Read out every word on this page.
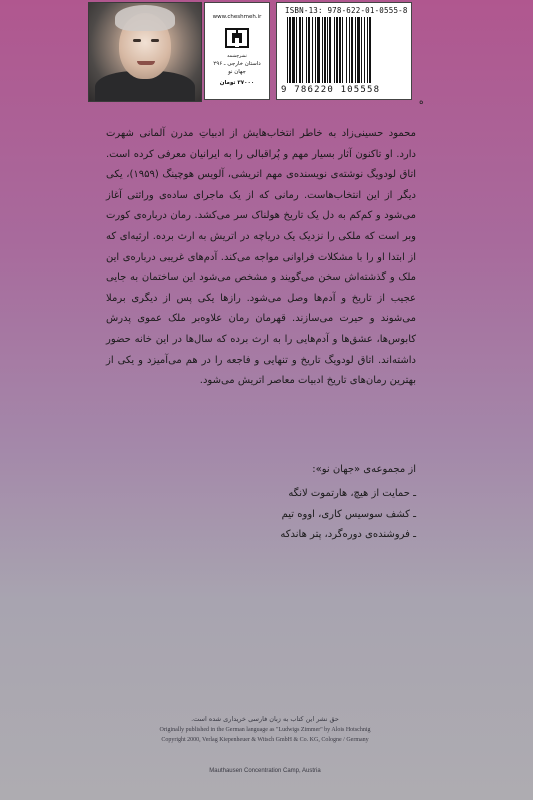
www.cheshmeh.ir
نشرچشمه
داستان خارجی ـ ۲۹۶
جهان نو
۳۷۰۰۰ تومان
ISBN-13: 978-622-01-0555-8
9 786220 105558
ه

محمود حسینی‌زاد به خاطر انتخاب‌هایش از ادبیاتِ مدرن آلمانی شهرت دارد. او تاکنون آثار بسیار مهم و پُراقبالی را به ایرانیان معرفی کرده است. اتاق لودویگ نوشته‌ی نویسنده‌ی مهم اتریشی، آلویس هوچینگ (۱۹۵۹)، یکی دیگر از این انتخاب‌هاست. رمانی که از یک ماجرای ساده‌ی وراثتی آغاز می‌شود و کم‌کم به دل یک تاریخ هولناک سر می‌کشد. رمان درباره‌ی کورت وبر است که ملکی را نزدیک یک دریاچه در اتریش به ارث برده. ارثیه‌ای که از ابتدا او را با مشکلات فراوانی مواجه می‌کند. آدم‌های غریبی درباره‌ی این ملک و گذشته‌اش سخن می‌گویند و مشخص می‌شود این ساختمان به جایی عجیب از تاریخ و آدم‌ها وصل می‌شود. رازها یکی پس از دیگری برملا می‌شوند و حیرت می‌سازند. قهرمان رمان علاوه‌بر ملک عموی پدرش کابوس‌ها، عشق‌ها و آدم‌هایی را به ارث برده که سال‌ها در این خانه حضور داشته‌اند. اتاق لودویگ تاریخ و تنهایی و فاجعه را در هم می‌آمیزد و یکی از بهترین رمان‌های تاریخ ادبیات معاصر اتریش می‌شود.

از مجموعه‌ی «جهان نو»:
ـ حمایت از هیچ، هارتموت لانگه
ـ کشف سوسیس کاری، اووه تیم
ـ فروشنده‌ی دوره‌گرد، پتر هاندکه
حق نشر این کتاب به زبان فارسی خریداری شده است.
Originally published in the German language as "Ludwigs Zimmer" by Alois Hotschnig
Copyright 2000, Verlag Kiepenheuer & Witsch GmbH & Co. KG, Cologne / Germany
Mauthausen Concentration Camp, Austria
